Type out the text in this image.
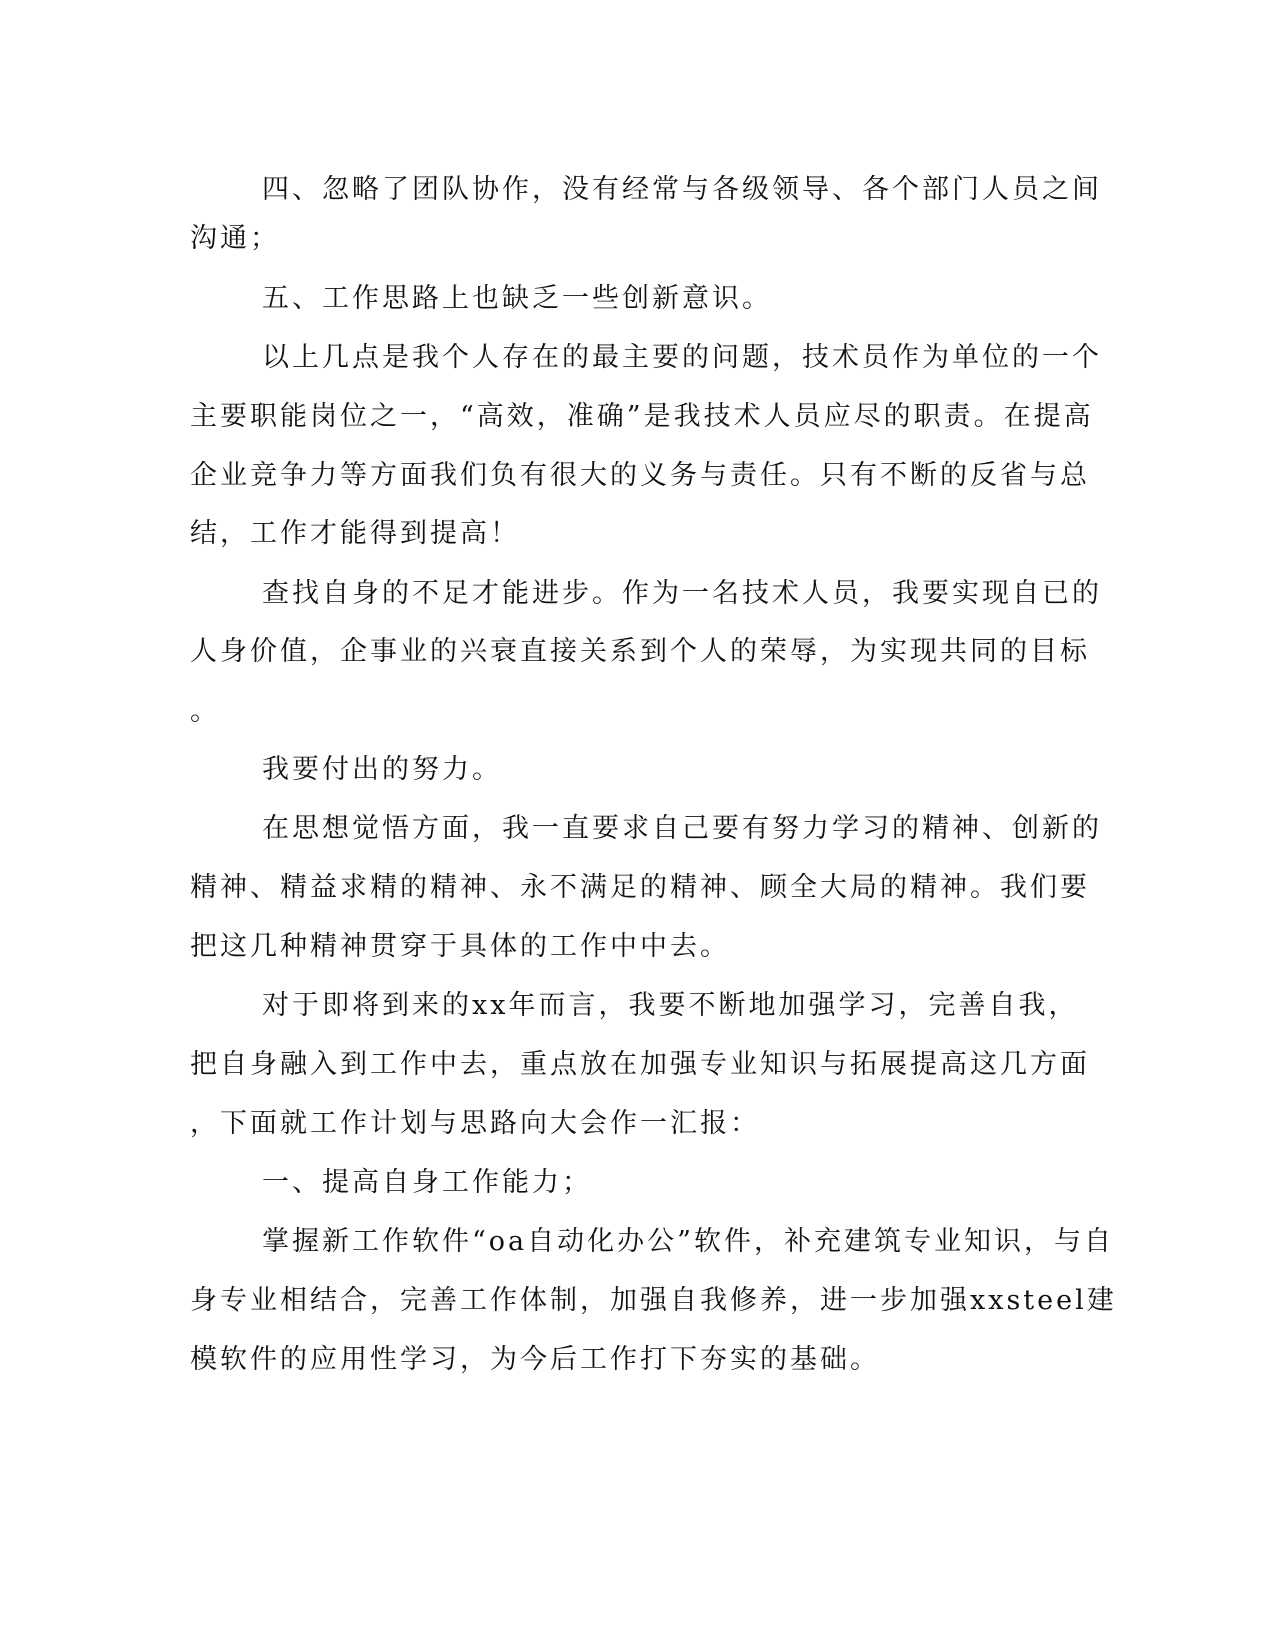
四、忽略了团队协作，没有经常与各级领导、各个部门人员之间
沟通；
五、工作思路上也缺乏一些创新意识。
以上几点是我个人存在的最主要的问题，技术员作为单位的一个
主要职能岗位之一，“高效，准确”是我技术人员应尽的职责。在提高
企业竞争力等方面我们负有很大的义务与责任。只有不断的反省与总
结，工作才能得到提高！
查找自身的不足才能进步。作为一名技术人员，我要实现自已的
人身价值，企事业的兴衰直接关系到个人的荣辱，为实现共同的目标
。
我要付出的努力。
在思想觉悟方面，我一直要求自己要有努力学习的精神、创新的
精神、精益求精的精神、永不满足的精神、顾全大局的精神。我们要
把这几种精神贯穿于具体的工作中中去。
对于即将到来的xx年而言，我要不断地加强学习，完善自我，
把自身融入到工作中去，重点放在加强专业知识与拓展提高这几方面
，下面就工作计划与思路向大会作一汇报：
一、提高自身工作能力；
掌握新工作软件“oa自动化办公”软件，补充建筑专业知识，与自
身专业相结合，完善工作体制，加强自我修养，进一步加强xxsteel建
模软件的应用性学习，为今后工作打下夯实的基础。
